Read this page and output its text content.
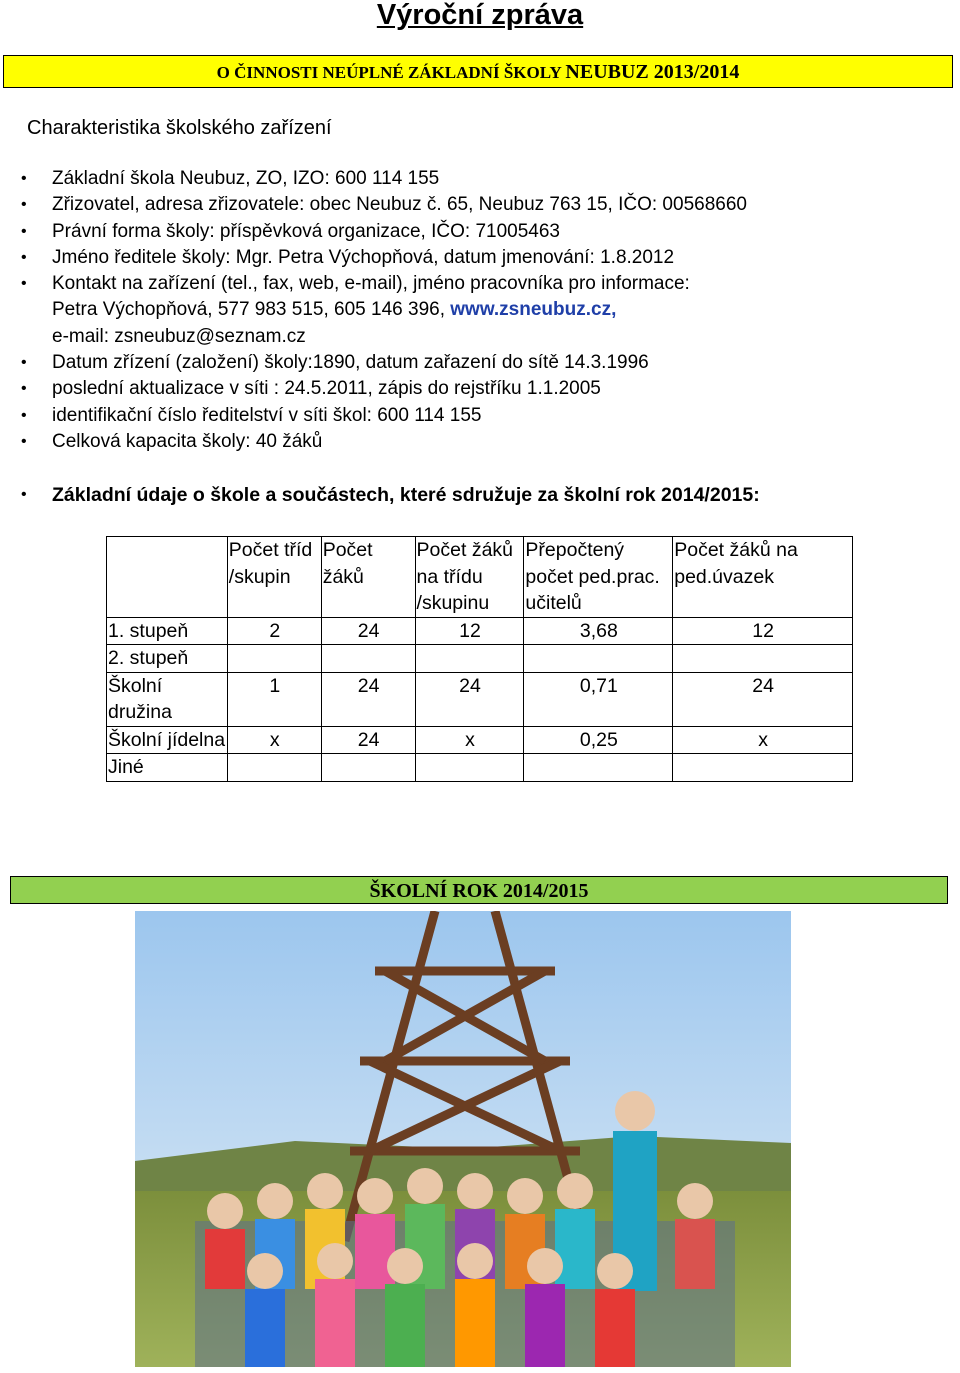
Výroční zpráva
O ČINNOSTI NEÚPLNÉ ZÁKLADNÍ ŠKOLY NEUBUZ 2013/2014
Charakteristika školského zařízení
• Základní škola Neubuz, ZO, IZO: 600 114 155
• Zřizovatel, adresa zřizovatele: obec Neubuz č. 65, Neubuz 763 15, IČO: 00568660
• Právní forma školy: příspěvková organizace, IČO: 71005463
• Jméno ředitele školy: Mgr. Petra Výchopňová, datum jmenování: 1.8.2012
• Kontakt na zařízení (tel., fax, web, e-mail), jméno pracovníka pro informace:
Petra Výchopňová, 577 983 515, 605 146 396, www.zsneubuz.cz,
e-mail: zsneubuz@seznam.cz
• Datum zřízení (založení) školy:1890, datum zařazení do sítě 14.3.1996
• poslední aktualizace v síti : 24.5.2011, zápis do rejstříku 1.1.2005
• identifikační číslo ředitelství v síti škol: 600 114 155
• Celková kapacita školy: 40 žáků
• Základní údaje o škole a součástech, které sdružuje za školní rok 2014/2015:
	Počet tříd /skupin	Počet žáků	Počet žáků na třídu /skupinu	Přepočtený počet ped.prac. učitelů	Počet žáků na ped.úvazek
1. stupeň	2	24	12	3,68	12
2. stupeň					
Školní družina	1	24	24	0,71	24
Školní jídelna	x	24	x	0,25	x
Jiné					
ŠKOLNÍ ROK 2014/2015
